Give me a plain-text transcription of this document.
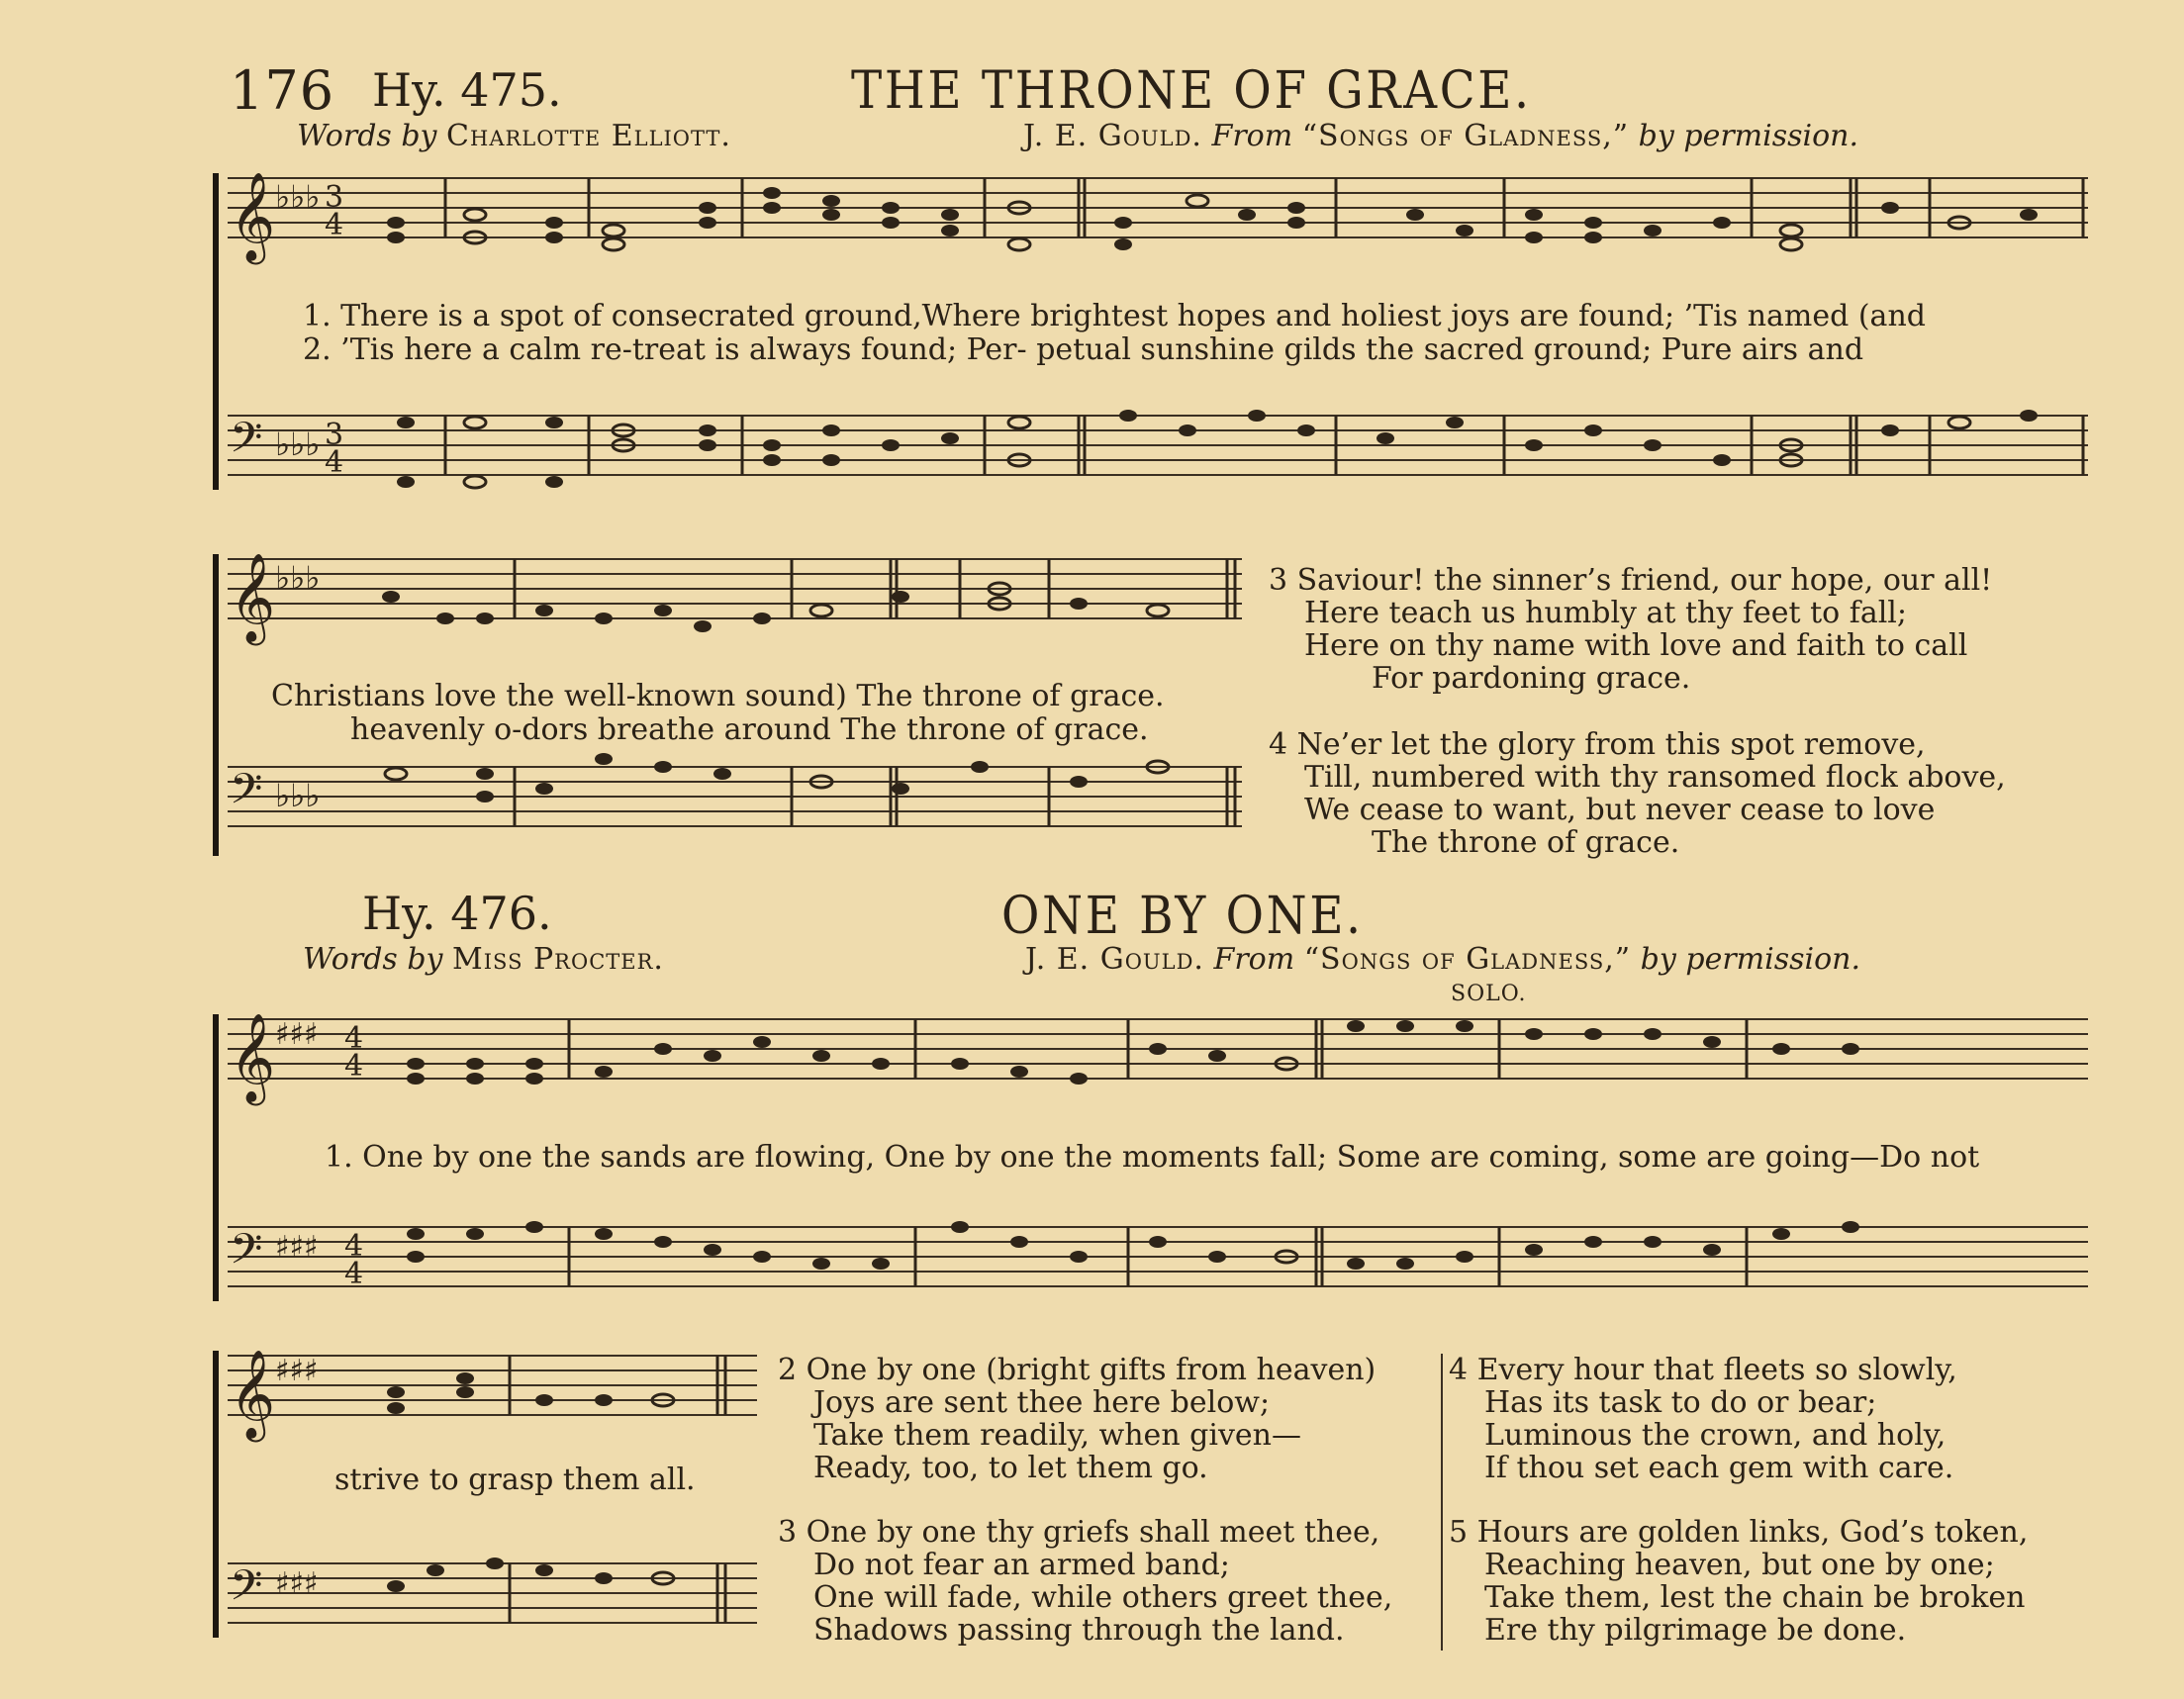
176 Hy. 475.	THE THRONE OF GRACE.
Words by Charlotte Elliott.	J. E. Gould. From “Songs of Gladness,” by permission.
𝄞 ♭♭♭ 3
4
𝄢 ♭♭♭ 3
4
1. There is a spot of consecrated ground,Where brightest hopes and holiest joys are found; ’Tis named (and
2. ’Tis here a calm re-treat is always found; Per- petual sunshine gilds the sacred ground; Pure airs and
𝄞 ♭♭♭
𝄢 ♭♭♭
Christians love the well-known sound) The throne of grace.
heavenly o-dors breathe around The throne of grace.
3 Saviour! the sinner’s friend, our hope, our all!
Here teach us humbly at thy feet to fall;
Here on thy name with love and faith to call
For pardoning grace.
4 Ne’er let the glory from this spot remove,
Till, numbered with thy ransomed flock above,
We cease to want, but never cease to love
The throne of grace.
Hy. 476.	ONE BY ONE.
Words by Miss Procter.	J. E. Gould. From “Songs of Gladness,” by permission.
SOLO.
𝄞 ♯♯♯ 4
4
𝄢 ♯♯♯ 4
4
1. One by one the sands are flowing, One by one the moments fall; Some are coming, some are going—Do not
𝄞 ♯♯♯
𝄢 ♯♯♯
strive to grasp them all.
2 One by one (bright gifts from heaven)
Joys are sent thee here below;
Take them readily, when given—
Ready, too, to let them go.
3 One by one thy griefs shall meet thee,
Do not fear an armed band;
One will fade, while others greet thee,
Shadows passing through the land.
4 Every hour that fleets so slowly,
Has its task to do or bear;
Luminous the crown, and holy,
If thou set each gem with care.
5 Hours are golden links, God’s token,
Reaching heaven, but one by one;
Take them, lest the chain be broken
Ere thy pilgrimage be done.
